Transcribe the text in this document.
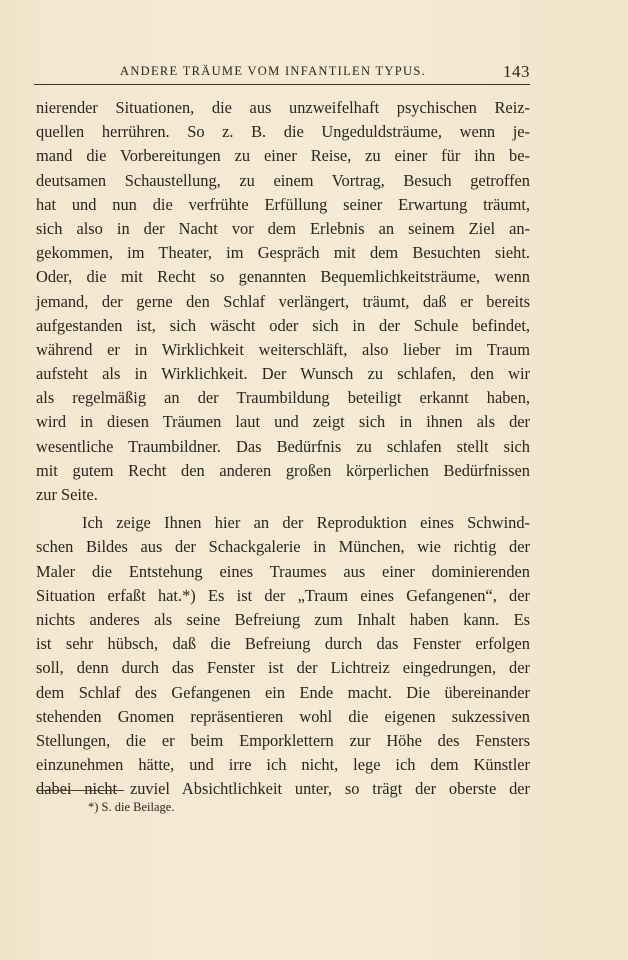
ANDERE TRÄUME VOM INFANTILEN TYPUS.	143
nierender Situationen, die aus unzweifelhaft psychischen Reiz-
quellen herrühren. So z. B. die Ungeduldsträume, wenn je-
mand die Vorbereitungen zu einer Reise, zu einer für ihn be-
deutsamen Schaustellung, zu einem Vortrag, Besuch getroffen
hat und nun die verfrühte Erfüllung seiner Erwartung träumt,
sich also in der Nacht vor dem Erlebnis an seinem Ziel an-
gekommen, im Theater, im Gespräch mit dem Besuchten sieht.
Oder, die mit Recht so genannten Bequemlichkeitsträume, wenn
jemand, der gerne den Schlaf verlängert, träumt, daß er bereits
aufgestanden ist, sich wäscht oder sich in der Schule befindet,
während er in Wirklichkeit weiterschläft, also lieber im Traum
aufsteht als in Wirklichkeit. Der Wunsch zu schlafen, den wir
als regelmäßig an der Traumbildung beteiligt erkannt haben,
wird in diesen Träumen laut und zeigt sich in ihnen als der
wesentliche Traumbildner. Das Bedürfnis zu schlafen stellt sich
mit gutem Recht den anderen großen körperlichen Bedürfnissen
zur Seite.
Ich zeige Ihnen hier an der Reproduktion eines Schwind-
schen Bildes aus der Schackgalerie in München, wie richtig der
Maler die Entstehung eines Traumes aus einer dominierenden
Situation erfaßt hat.*) Es ist der „Traum eines Gefangenen“, der
nichts anderes als seine Befreiung zum Inhalt haben kann. Es
ist sehr hübsch, daß die Befreiung durch das Fenster erfolgen
soll, denn durch das Fenster ist der Lichtreiz eingedrungen, der
dem Schlaf des Gefangenen ein Ende macht. Die übereinander
stehenden Gnomen repräsentieren wohl die eigenen sukzessiven
Stellungen, die er beim Emporklettern zur Höhe des Fensters
einzunehmen hätte, und irre ich nicht, lege ich dem Künstler
dabei nicht zuviel Absichtlichkeit unter, so trägt der oberste der
*) S. die Beilage.
